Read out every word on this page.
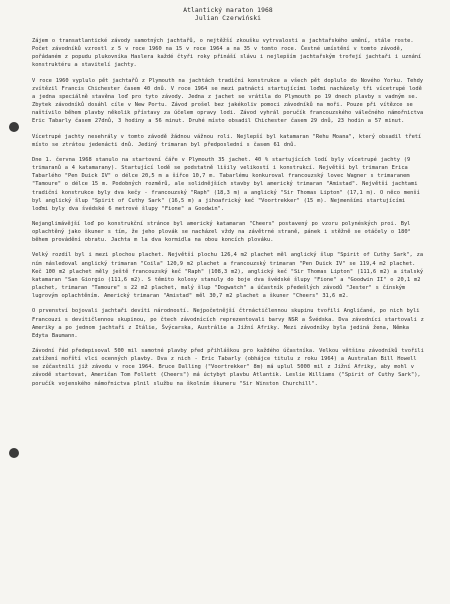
Atlantický maraton 1968

Julian Czerwiński

Zájem o transatlantické závody samotných jachtařů, o nejtěžší zkoušku vytrvalosti a jachtařského umění, stále roste. Počet závodníků vzrostl z 5 v roce 1960 na 15 v roce 1964 a na 35 v tomto roce. Čestné umístění v tomto závodě, pořádaném z popudu plukovníka Haslera každé čtyři roky přináší slávu i nejlepším jachtařským trofejí jachtaři i uznání konstruktéru a stavitelí jachty.

V roce 1960 vyplulo pět jachtařů z Plymouth na jachtách tradiční konstrukce a všech pět doplulo do Nového Yorku. Tehdy zvítězil Francis Chichester časem 40 dnů. V roce 1964 se mezi patnácti startujícími loďmi nacházely tři vícetrupé lodě a jedna speciálně stavěna loď pro tyto závody. Jedna z jachet se vrátila do Plymouth po 19 dnech plavby s vadným se. Zbytek závodníků dosáhl cíle v New Portu. Závod prošel bez jakékoliv pomoci závodníků na moři. Pouze při vítězce se naštívilo během plavby několik přístavy za účelem opravy lodi. Závod vyhrál poručík francouzského válečného námořnictva Eric Tabarly časem 27dnů, 3 hodiny a 56 minut. Druhé místo obsadil Chichester časem 29 dnů, 23 hodin a 57 minut.

Vícetrupé jachty nesehrály v tomto závodě žádnou vážnou roli. Nejlepší byl katamaran "Rehu Moana", který obsadil třetí místo se ztrátou jedenácti dnů. Jediný trimaran byl předposlední s časem 61 dnů.

Dne 1. června 1968 stanulo na startovní čáře v Plymouth 35 jachet. 40 % startujících lodí byly vícetrupé jachty (9 trimaranů a 4 katamarany). Startující lodě se podstatně lišily velikostí i konstrukcí. Největší byl trimaran Erica Tabarlého "Pen Duick IV" o délce 20,5 m a šířce 10,7 m. Tabarlému konkuroval francouzský lovec Wagner s trimaranem "Tamoure" o délce 15 m. Podobných rozměrů, ale solidnějších stavby byl americký trimaran "Amistad". Největší jachtami tradiční konstrukce byly dva kečy - francouzský "Raph" (18,3 m) a anglický "Sir Thomas Lipton" (17,1 m). O něco menší byl anglický šlup "Spirit of Cuthy Sark" (16,5 m) a jihoafrický keč "Voortrekker" (15 m). Nejmenšími startujícími loďmi byly dva švédské 6 metrové šlupy "Fione" a Goodwin".

Nejanglimávější loď po konstrukční stránce byl americký katamaran "Cheers" postavený po vzoru polynéských proi. Byl oplachtěný jako škuner s tím, že jeho plovák se nacházel vždy na závětrné straně, pánek i stěžně se otáčely o 180° během provádění obratu. Jachta m la dva kormidla na obou koncích plováku.

Velký rozdíl byl i mezi plochou plachet. Největší plochu 126,4 m2 plachet měl anglický šlup "Spirit of Cuthy Sark", za ním následoval anglický trimaran "Coila" 120,9 m2 plachet a francouzský trimaran "Pen Duick IV" se 119,4 m2 plachet. Keč 100 m2 plachet měly ještě francouzský keč "Raph" (108,3 m2), anglický keč "Sir Thomas Lipton" (111,6 m2) a italský katamaran "San Giorgio (111,6 m2). S těmito kolosy stanuly do boje dva švédské šlupy "Fione" a "Goodwin II" o 20,1 m2 plachet, trimaran "Tamoure" s 22 m2 plachet, malý šlup "Dogwatch" a účastník předešlých závodů "Jester" s čínským lugrovým oplachtěním. Americký trimaran "Amistad" měl 30,7 m2 plachet a škuner "Cheers" 31,6 m2.

O prvenství bojovali jachtaři devíti národností. Nejpočetnější čtrnáctičlennou skupinu tvořili Angličané, po nich byli Francouzi s devítičlennou skupinou, po čtech závodnících reprezentovali barvy NSR a Švédska. Dva závodníci startovali z Ameriky a po jednom jachtaři z Itálie, Švýcarska, Austrálie a Jižní Afriky. Mezi závodníky byla jediná žena, Němka Edyta Baumann.

Závodní řád předepisoval 500 mil samotné plavby před přihláškou pro každého účastníka. Velkou většinu závodníků tvořili zatížení mořští vlci ocenných plavby. Dva z nich - Eric Tabarly (obhájce titulu z roku 1964) a Australan Bill Howell se zúčastnili již závodu v roce 1964. Bruce Dalling ("Voortrekker" 8m) má uplul 5000 mil z Jižní Afriky, aby mohl v závodě startovat, Američan Tom Follett (Cheers") má úctybyt plavbu Atlantik. Leslie Williams ("Spirit of Cuthy Sark"), poručík vojenského námořnictva plnil službu na školním škuneru "Sir Winston Churchill".
